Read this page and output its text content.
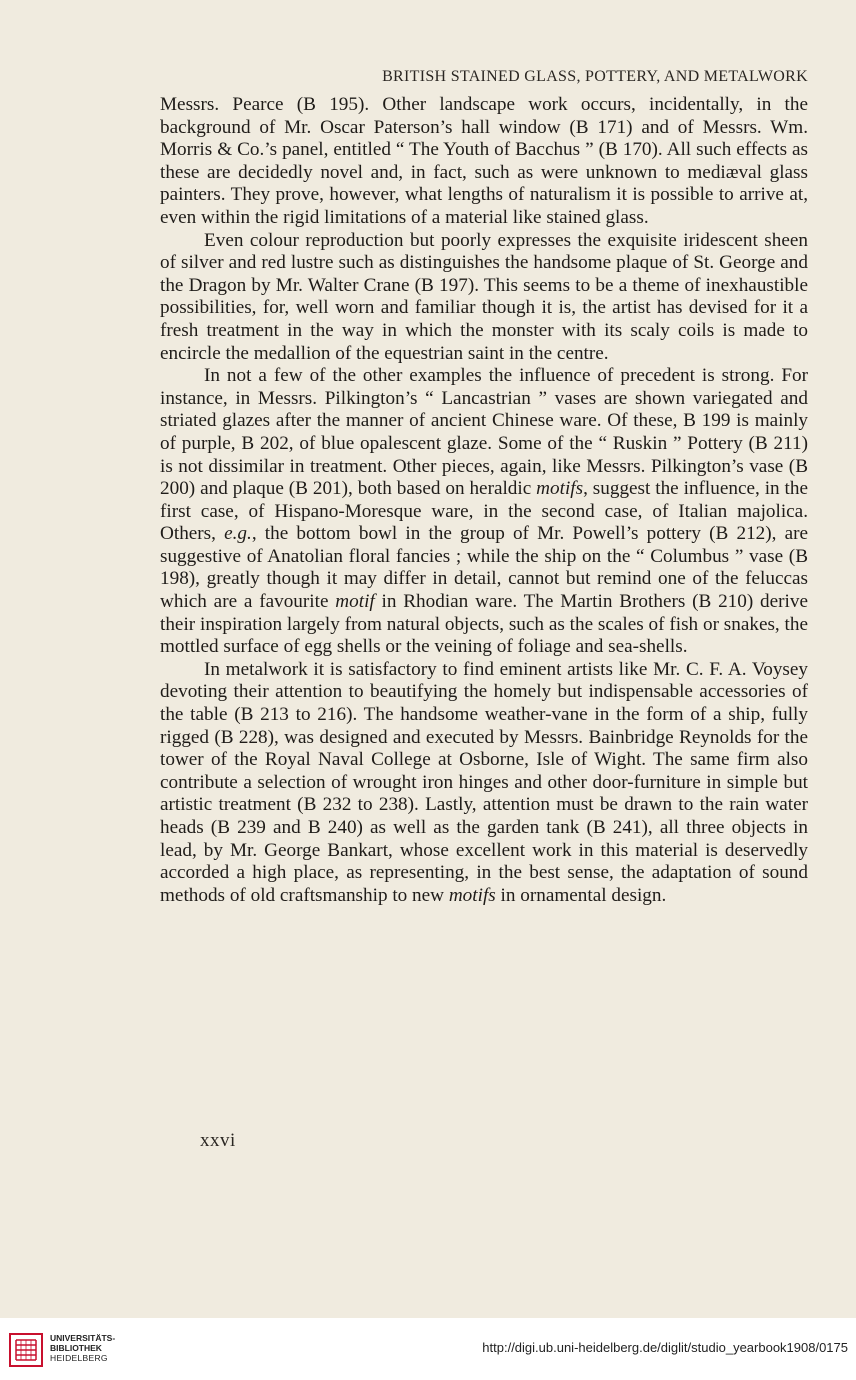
BRITISH STAINED GLASS, POTTERY, AND METALWORK

Messrs. Pearce (B 195). Other landscape work occurs, incidentally, in the background of Mr. Oscar Paterson’s hall window (B 171) and of Messrs. Wm. Morris & Co.’s panel, entitled “ The Youth of Bacchus ” (B 170). All such effects as these are decidedly novel and, in fact, such as were unknown to mediæval glass painters. They prove, however, what lengths of naturalism it is possible to arrive at, even within the rigid limitations of a material like stained glass.

Even colour reproduction but poorly expresses the exquisite iridescent sheen of silver and red lustre such as distinguishes the handsome plaque of St. George and the Dragon by Mr. Walter Crane (B 197). This seems to be a theme of inexhaustible possibilities, for, well worn and familiar though it is, the artist has devised for it a fresh treatment in the way in which the monster with its scaly coils is made to encircle the medallion of the equestrian saint in the centre.

In not a few of the other examples the influence of precedent is strong. For instance, in Messrs. Pilkington’s “ Lancastrian ” vases are shown variegated and striated glazes after the manner of ancient Chinese ware. Of these, B 199 is mainly of purple, B 202, of blue opalescent glaze. Some of the “ Ruskin ” Pottery (B 211) is not dissimilar in treatment. Other pieces, again, like Messrs. Pilkington’s vase (B 200) and plaque (B 201), both based on heraldic motifs, suggest the influence, in the first case, of Hispano-Moresque ware, in the second case, of Italian majolica. Others, e.g., the bottom bowl in the group of Mr. Powell’s pottery (B 212), are suggestive of Anatolian floral fancies ; while the ship on the “ Columbus ” vase (B 198), greatly though it may differ in detail, cannot but remind one of the feluccas which are a favourite motif in Rhodian ware. The Martin Brothers (B 210) derive their inspiration largely from natural objects, such as the scales of fish or snakes, the mottled surface of egg shells or the veining of foliage and sea-shells.

In metalwork it is satisfactory to find eminent artists like Mr. C. F. A. Voysey devoting their attention to beautifying the homely but indispensable accessories of the table (B 213 to 216). The handsome weather-vane in the form of a ship, fully rigged (B 228), was designed and executed by Messrs. Bainbridge Reynolds for the tower of the Royal Naval College at Osborne, Isle of Wight. The same firm also contribute a selection of wrought iron hinges and other door-furniture in simple but artistic treatment (B 232 to 238). Lastly, attention must be drawn to the rain water heads (B 239 and B 240) as well as the garden tank (B 241), all three objects in lead, by Mr. George Bankart, whose excellent work in this material is deservedly accorded a high place, as representing, in the best sense, the adaptation of sound methods of old craftsmanship to new motifs in ornamental design.

xxvi
UNIVERSITÄTS-
BIBLIOTHEK
HEIDELBERG
http://digi.ub.uni-heidelberg.de/diglit/studio_yearbook1908/0175
